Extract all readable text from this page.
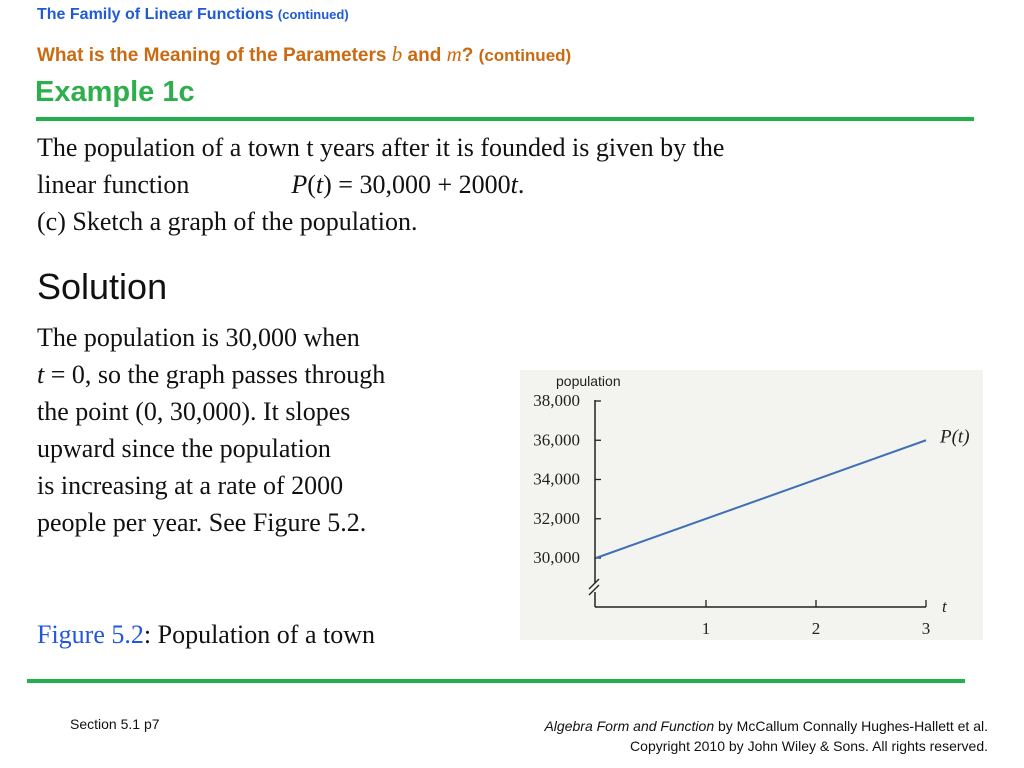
The Family of Linear Functions (continued)
What is the Meaning of the Parameters b and m? (continued)
Example 1c
The population of a town t years after it is founded is given by the
linear function	P(t) = 30,000 + 2000t.
(c) Sketch a graph of the population.
Solution
The population is 30,000 when
t = 0, so the graph passes through
the point (0, 30,000). It slopes
upward since the population
is increasing at a rate of 2000
people per year. See Figure 5.2.
Figure 5.2: Population of a town
population
t
30,000
32,000
34,000
36,000
38,000
1	2	3
P(t)
Section 5.1 p7	Algebra Form and Function by McCallum Connally Hughes-Hallett et al.
Copyright 2010 by John Wiley & Sons. All rights reserved.
